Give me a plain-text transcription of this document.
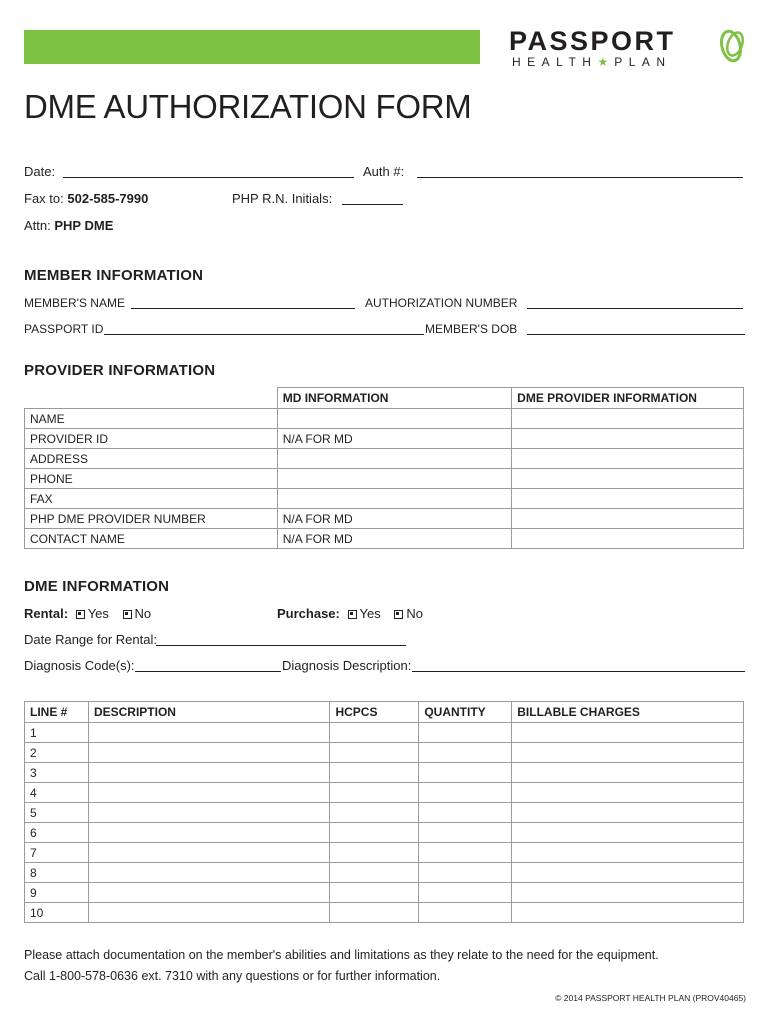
PASSPORT
HEALTH★PLAN
DME AUTHORIZATION FORM
Date:	Auth #:
Fax to: 502-585-7990	PHP R.N. Initials:
Attn: PHP DME
MEMBER INFORMATION
MEMBER'S NAME	AUTHORIZATION NUMBER
PASSPORT ID	MEMBER'S DOB
PROVIDER INFORMATION
	MD INFORMATION	DME PROVIDER INFORMATION
NAME		
PROVIDER ID	N/A FOR MD	
ADDRESS		
PHONE		
FAX		
PHP DME PROVIDER NUMBER	N/A FOR MD	
CONTACT NAME	N/A FOR MD	
DME INFORMATION
Rental: Yes No	Purchase: Yes No
Date Range for Rental:
Diagnosis Code(s):	Diagnosis Description:
LINE #	DESCRIPTION	HCPCS	QUANTITY	BILLABLE CHARGES
1				
2				
3				
4				
5				
6				
7				
8				
9				
10				
Please attach documentation on the member's abilities and limitations as they relate to the need for the equipment.
Call 1-800-578-0636 ext. 7310 with any questions or for further information.
© 2014 PASSPORT HEALTH PLAN (PROV40465)
